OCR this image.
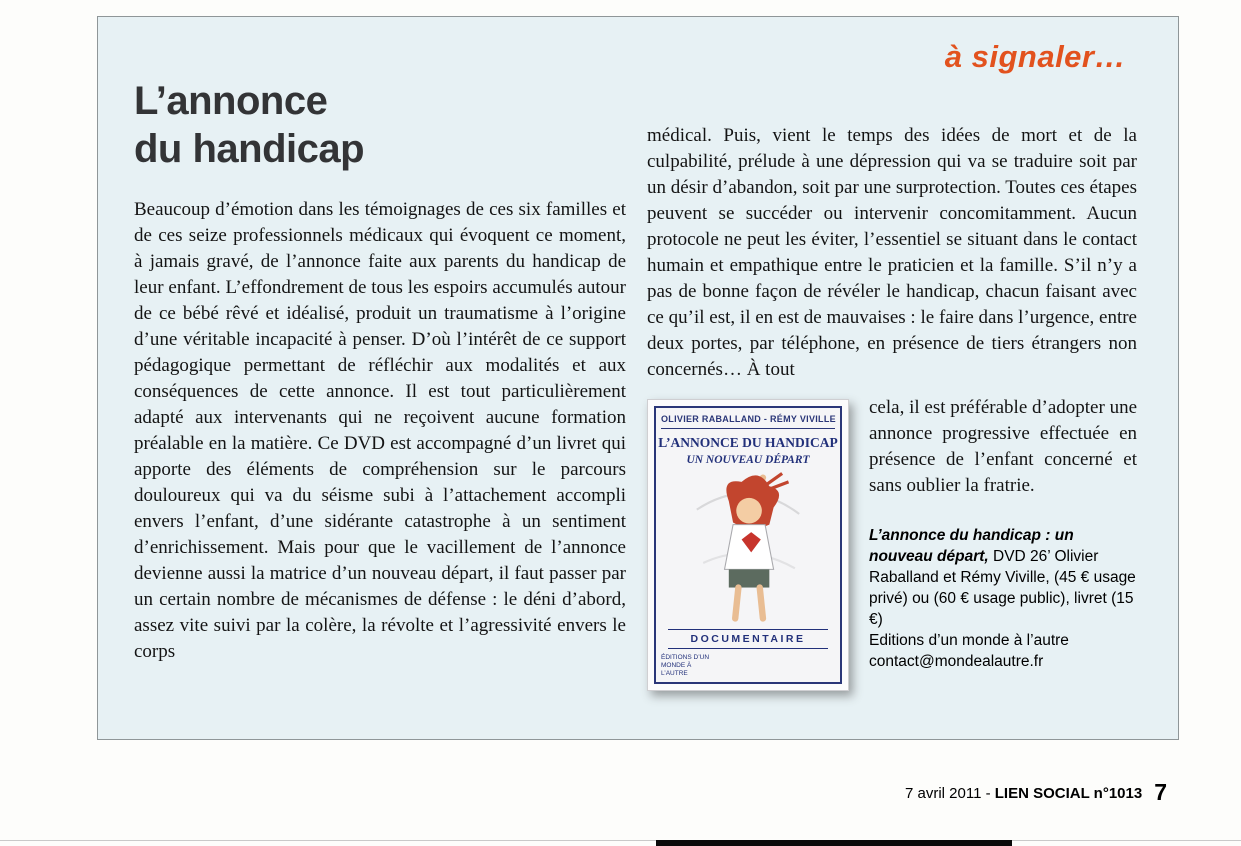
à signaler…
L’annonce
du handicap

Beaucoup d’émotion dans les témoignages de ces six familles et de ces seize professionnels médicaux qui évoquent ce moment, à jamais gravé, de l’annonce faite aux parents du handicap de leur enfant. L’effondrement de tous les espoirs accumulés autour de ce bébé rêvé et idéalisé, produit un traumatisme à l’origine d’une véritable incapacité à penser. D’où l’intérêt de ce support pédagogique permettant de réfléchir aux modalités et aux conséquences de cette annonce. Il est tout particulièrement adapté aux intervenants qui ne reçoivent aucune formation préalable en la matière. Ce DVD est accompagné d’un livret qui apporte des éléments de compréhension sur le parcours douloureux qui va du séisme subi à l’attachement accompli envers l’enfant, d’une sidérante catastrophe à un sentiment d’enrichissement. Mais pour que le vacillement de l’annonce devienne aussi la matrice d’un nouveau départ, il faut passer par un certain nombre de mécanismes de défense : le déni d’abord, assez vite suivi par la colère, la révolte et l’agressivité envers le corps

médical. Puis, vient le temps des idées de mort et de la culpabilité, prélude à une dépression qui va se traduire soit par un désir d’abandon, soit par une surprotection. Toutes ces étapes peuvent se succéder ou intervenir concomitamment. Aucun protocole ne peut les éviter, l’essentiel se situant dans le contact humain et empathique entre le praticien et la famille. S’il n’y a pas de bonne façon de révéler le handicap, chacun faisant avec ce qu’il est, il en est de mauvaises : le faire dans l’urgence, entre deux portes, par téléphone, en présence de tiers étrangers non concernés… À tout

OLIVIER RABALLAND - RÉMY VIVILLE
L’ANNONCE DU HANDICAP
UN NOUVEAU DÉPART
DOCUMENTAIRE
ÉDITIONS D’UN MONDE À L’AUTRE

cela, il est préférable d’adopter une annonce progressive effectuée en présence de l’enfant concerné et sans oublier la fratrie.

L’annonce du handicap : un nouveau départ, DVD 26’ Olivier Raballand et Rémy Viville, (45 € usage privé) ou (60 € usage public), livret (15 €)

Editions d’un monde à l’autre

contact@mondealautre.fr

7 avril 2011 - LIEN SOCIAL n°1013 7
